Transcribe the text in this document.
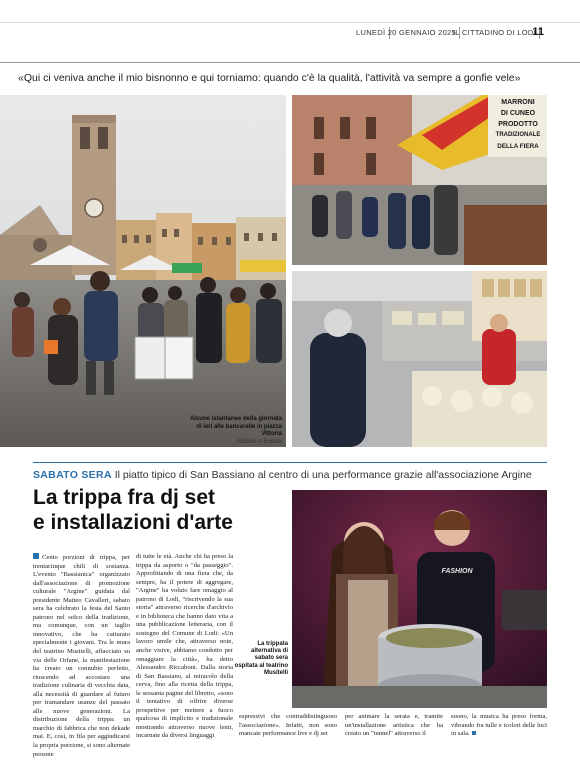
LUNEDÌ 20 GENNAIO 2025
IL CITTADINO DI LODI
11
«Qui ci veniva anche il mio bisnonno e qui torniamo: quando c'è la qualità, l'attività va sempre a gonfie vele»
Alcune istantanee della giornata di ieri alle bancarelle in piazza Vittoria
Ribolini e Borella
MARRONI
DI CUNEO
PRODOTTO
TRADIZIONALE
DELLA FIERA
SABATO SERA Il piatto tipico di San Bassiano al centro di una performance grazie all'associazione Argine
La trippa fra dj set
e installazioni d'arte
FASHION
La trippata alternativa di sabato sera ospitata al teatrino Musitelli
Cento porzioni di trippa, per trentacinque chili di sostanza. L'evento "Bassianica" organizzato dall'associazione di promozione culturale "Argine" guidata dal presidente Matteo Cavalleri, sabato sera ha celebrato la festa del Santo patrono nel solco della tradizione, ma comunque, con un taglio innovativo, che ha catturato specialmente i giovani. Tra le mura del teatrino Musitelli, affacciato su via delle Orfane, la manifestazione ha creato un connubio perfetto, riuscendo ad accostare una tradizione culinaria di vecchia data, alla necessità di guardare al futuro per tramandare usanze del passato alle nuove generazioni. La distribuzione della trippa: un marchio di fabbrica che non dekade mai. E, così, in fila per aggiudicarsi la propria porzione, si sono alternate persone
di tutte le età. Anche chi ha preso la trippa da asporto o "da passeggio". Approfittando di una fiera che, da sempre, ha il potere di aggregare, "Argine" ha voluto fare omaggio al patrono di Lodi, "riscrivendo la sua storia" attraverso ricerche d'archivio e in biblioteca che hanno dato vita a una pubblicazione letteraria, con il sostegno del Comune di Lodi: «Un lavoro umile che, attraverso note, anche visive, abbiamo condotto per omaggiare la città», ha detto Alessandro Riccaboni. Dalla storia di San Bassiano, al miracolo della cerva, fino alla ricetta della trippa, le sessanta pagine del libretto, «sono il tentativo di offrire diverse prospettive per mettere a fuoco qualcosa di implicito e tradizionale mostrando attraverso nuove lenti, incarnate da diversi linguaggi
espressivi che contraddistinguono l'associazione». Infatti, non sono mancate performance live e dj set
per animare la serata e, tramite un'installazione artistica che ha creato un "tunnel" attraverso il
suono, la musica ha preso forma, vibrando fra tulle e icolori delle luci in sala.
